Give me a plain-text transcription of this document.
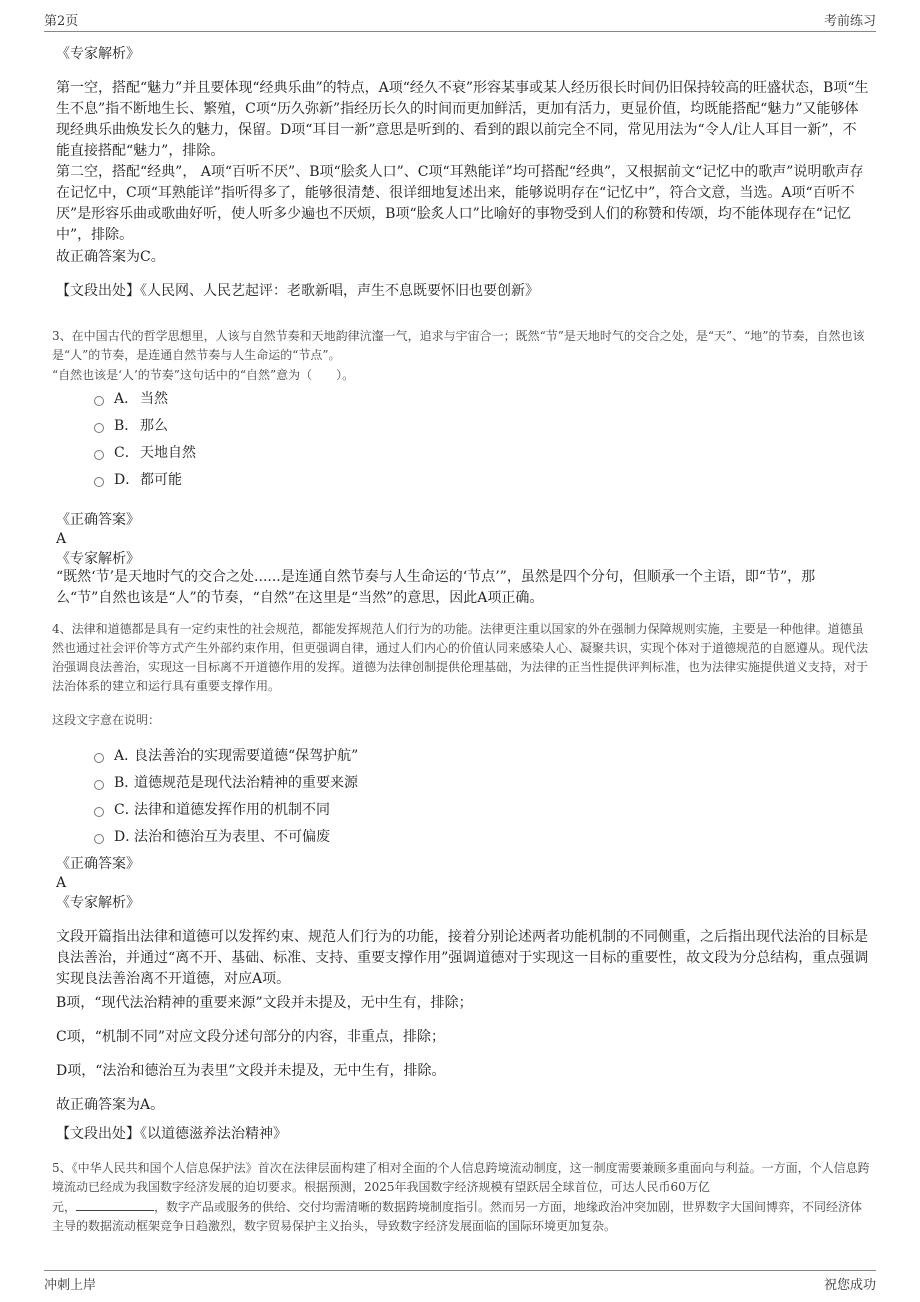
第2页	考前练习
《专家解析》

第一空，搭配“魅力”并且要体现“经典乐曲”的特点，A项“经久不衰”形容某事或某人经历很长时间仍旧保持较高的旺盛状态，B项“生生不息”指不断地生长、繁殖，C项“历久弥新”指经历长久的时间而更加鲜活，更加有活力，更显价值，均既能搭配“魅力”又能够体现经典乐曲焕发长久的魅力，保留。D项“耳目一新”意思是听到的、看到的跟以前完全不同，常见用法为“令人/让人耳目一新”，不能直接搭配“魅力”，排除。

第二空，搭配“经典”， A项“百听不厌”、B项“脍炙人口”、C项“耳熟能详”均可搭配“经典”，又根据前文“记忆中的歌声”说明歌声存在记忆中，C项“耳熟能详”指听得多了，能够很清楚、很详细地复述出来，能够说明存在“记忆中”，符合文意，当选。A项“百听不厌”是形容乐曲或歌曲好听，使人听多少遍也不厌烦，B项“脍炙人口”比喻好的事物受到人们的称赞和传颂，均不能体现存在“记忆中”，排除。

故正确答案为C。
【文段出处】《人民网、人民艺起评：老歌新唱，声生不息既要怀旧也要创新》

3、在中国古代的哲学思想里，人该与自然节奏和天地韵律沆瀣一气，追求与宇宙合一；既然“节”是天地时气的交合之处，是“天”、“地”的节奏，自然也该是“人”的节奏，是连通自然节奏与人生命运的“节点”。

“自然也该是‘人’的节奏”这句话中的“自然”意为（　　）。

A． 当然
B． 那么
C． 天地自然
D． 都可能
《正确答案》
A
《专家解析》

“既然‘节’是天地时气的交合之处......是连通自然节奏与人生命运的‘节点’”，虽然是四个分句，但顺承一个主语，即“节”，那么“节”自然也该是“人”的节奏，“自然”在这里是“当然”的意思，因此A项正确。

4、法律和道德都是具有一定约束性的社会规范，都能发挥规范人们行为的功能。法律更注重以国家的外在强制力保障规则实施，主要是一种他律。道德虽然也通过社会评价等方式产生外部约束作用，但更强调自律，通过人们内心的价值认同来感染人心、凝聚共识，实现个体对于道德规范的自愿遵从。现代法治强调良法善治，实现这一目标离不开道德作用的发挥。道德为法律创制提供伦理基础，为法律的正当性提供评判标准，也为法律实施提供道义支持，对于法治体系的建立和运行具有重要支撑作用。

这段文字意在说明：
A．
良法善治的实现需要道德“保驾护航”
B．
道德规范是现代法治精神的重要来源
C．
法律和道德发挥作用的机制不同
D．
法治和德治互为表里、不可偏废
《正确答案》
A
《专家解析》

文段开篇指出法律和道德可以发挥约束、规范人们行为的功能，接着分别论述两者功能机制的不同侧重，之后指出现代法治的目标是良法善治，并通过“离不开、基础、标准、支持、重要支撑作用”强调道德对于实现这一目标的重要性，故文段为分总结构，重点强调实现良法善治离不开道德，对应A项。

B项，“现代法治精神的重要来源”文段并未提及，无中生有，排除；
C项，“机制不同”对应文段分述句部分的内容，非重点，排除；
D项，“法治和德治互为表里”文段并未提及，无中生有，排除。
故正确答案为A。
【文段出处】《以道德滋养法治精神》

5、《中华人民共和国个人信息保护法》首次在法律层面构建了相对全面的个人信息跨境流动制度，这一制度需要兼顾多重面向与利益。一方面，个人信息跨境流动已经成为我国数字经济发展的迫切要求。根据预测，2025年我国数字经济规模有望跃居全球首位，可达人民币60万亿

元，	，数字产品或服务的供给、交付均需清晰的数据跨境制度指引。然而另一方面，地缘政治冲突加剧，世界数字大国间博弈，不同经济体主导的数据流动框架竞争日趋激烈，数字贸易保护主义抬头，导致数字经济发展面临的国际环境更加复杂。

冲刺上岸	祝您成功
